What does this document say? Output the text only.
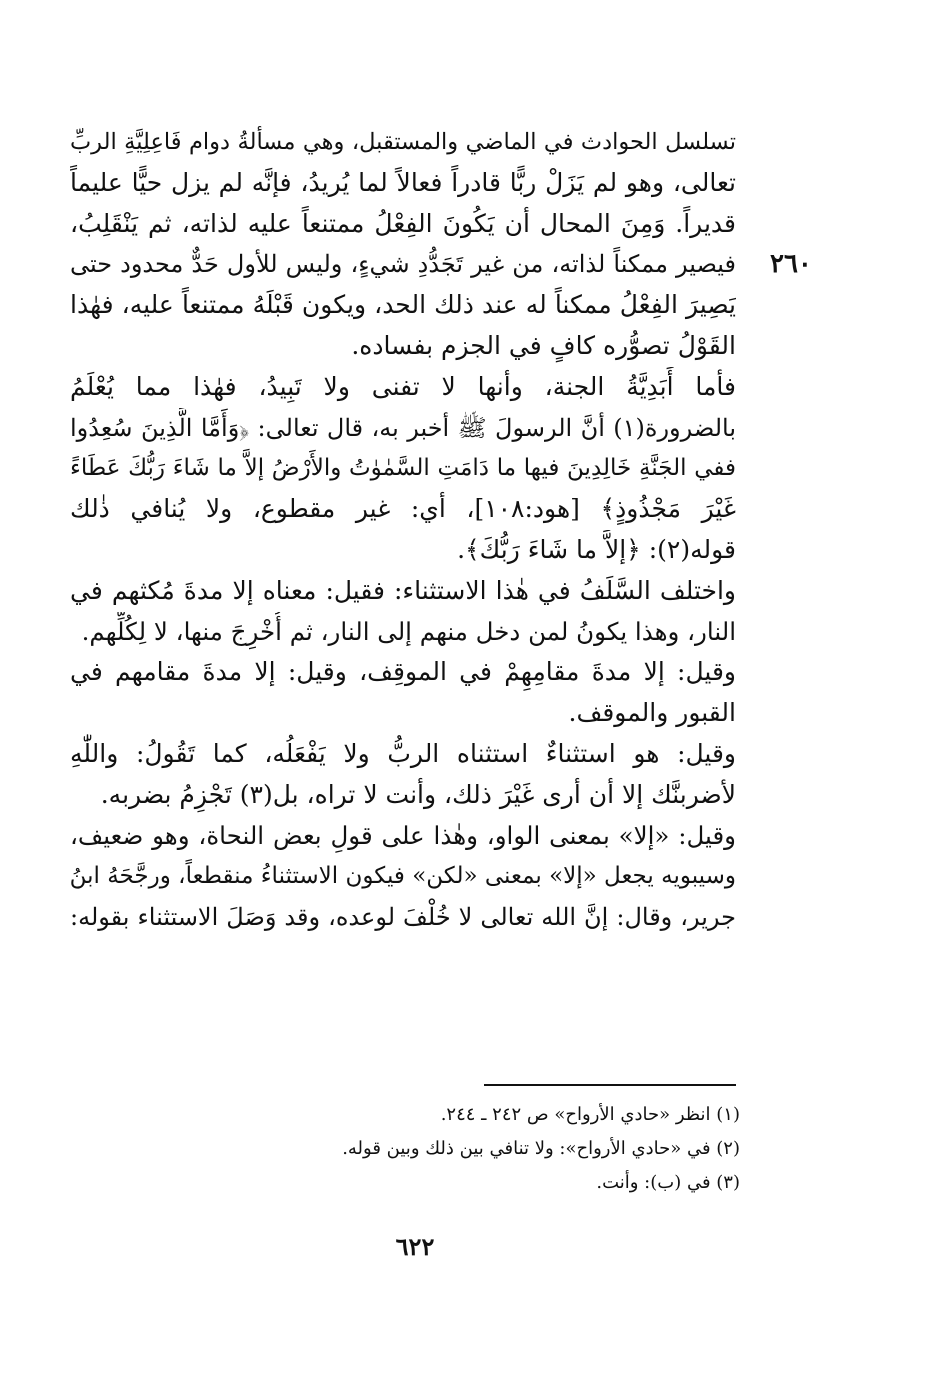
٢٦٠
تسلسل الحوادث في الماضي والمستقبل، وهي مسألةُ دوام فَاعِلِيَّةِ الربِّ
تعالى، وهو لم يَزَلْ ربًّا قادراً فعالاً لما يُريدُ، فإنَّه لم يزل حيًّا عليماً
قديراً. وَمِنَ المحال أن يَكُونَ الفِعْلُ ممتنعاً عليه لذاته، ثم يَنْقَلِبُ،
فيصير ممكناً لذاته، من غير تَجَدُّدِ شيءٍ، وليس للأول حَدٌّ محدود حتى
يَصِيرَ الفِعْلُ ممكناً له عند ذلك الحد، ويكون قَبْلَهُ ممتنعاً عليه، فهٰذا
القَوْلُ تصوُّره كافٍ في الجزم بفساده.
فأما أَبَدِيَّةُ الجنة، وأنها لا تفنى ولا تَبِيدُ، فهٰذا مما يُعْلَمُ
بالضرورة(١) أنَّ الرسولَ ﷺ أخبر به، قال تعالى: ﴿وَأَمَّا الَّذِينَ سُعِدُوا
ففي الجَنَّةِ خَالِدِينَ فيها ما دَامَتِ السَّمٰوٰتُ والأَرْضُ إلاَّ ما شَاءَ رَبُّكَ عَطَاءً
غَيْرَ مَجْذُوذٍ﴾ [هود:١٠٨]، أي: غير مقطوع، ولا يُنافي ذٰلك
قوله(٢): ﴿إلاَّ ما شَاءَ رَبُّكَ﴾.
واختلف السَّلَفُ في هٰذا الاستثناء: فقيل: معناه إلا مدةَ مُكثهم في
النار، وهذا يكونُ لمن دخل منهم إلى النار، ثم أُخْرِجَ منها، لا لِكُلِّهم.
وقيل: إلا مدةَ مقامِهِمْ في الموقِف، وقيل: إلا مدةَ مقامهم في
القبور والموقف.
وقيل: هو استثناءٌ استثناه الربُّ ولا يَفْعَلُه، كما تَقُولُ: واللّٰهِ
لأضربنَّك إلا أن أرى غَيْرَ ذلك، وأنت لا تراه، بل(٣) تَجْزِمُ بضربه.
وقيل: «إلا» بمعنى الواو، وهٰذا على قولِ بعض النحاة، وهو ضعيف،
وسيبويه يجعل «إلا» بمعنى «لكن» فيكون الاستثناءُ منقطعاً، ورجَّحَهُ ابنُ
جرير، وقال: إنَّ الله تعالى لا خُلْفَ لوعده، وقد وَصَلَ الاستثناء بقوله:
(١) انظر «حادي الأرواح» ص ٢٤٢ ـ ٢٤٤.
(٢) في «حادي الأرواح»: ولا تنافي بين ذلك وبين قوله.
(٣) في (ب): وأنت.
٦٢٢
